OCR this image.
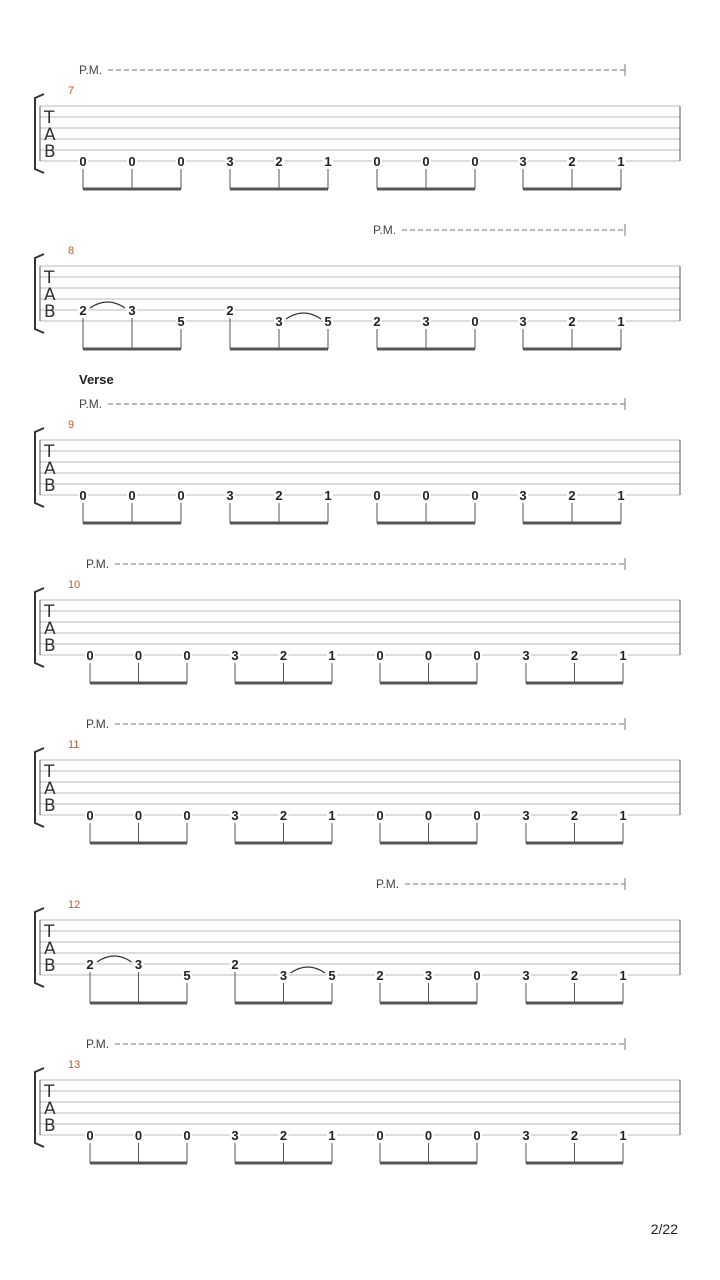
P.M.
7
T
A
B 0	0	0	3	2	1	0	0	0	3	2	1
P.M.
8
T
A
B 2	3
5
2
3	5	2	3	0	3	2	1
Verse
P.M.
9
T
A
B 0	0	0	3	2	1	0	0	0	3	2	1
P.M.
10
T
A
B 0	0	0	3	2	1	0	0	0	3	2	1
P.M.
11
T
A
B 0	0	0	3	2	1	0	0	0	3	2	1
P.M.
12
T
A
B 2	3
5
2
3	5	2	3	0	3	2	1
P.M.
13
T
A
B 0	0	0	3	2	1	0	0	0	3	2	1
2/22
